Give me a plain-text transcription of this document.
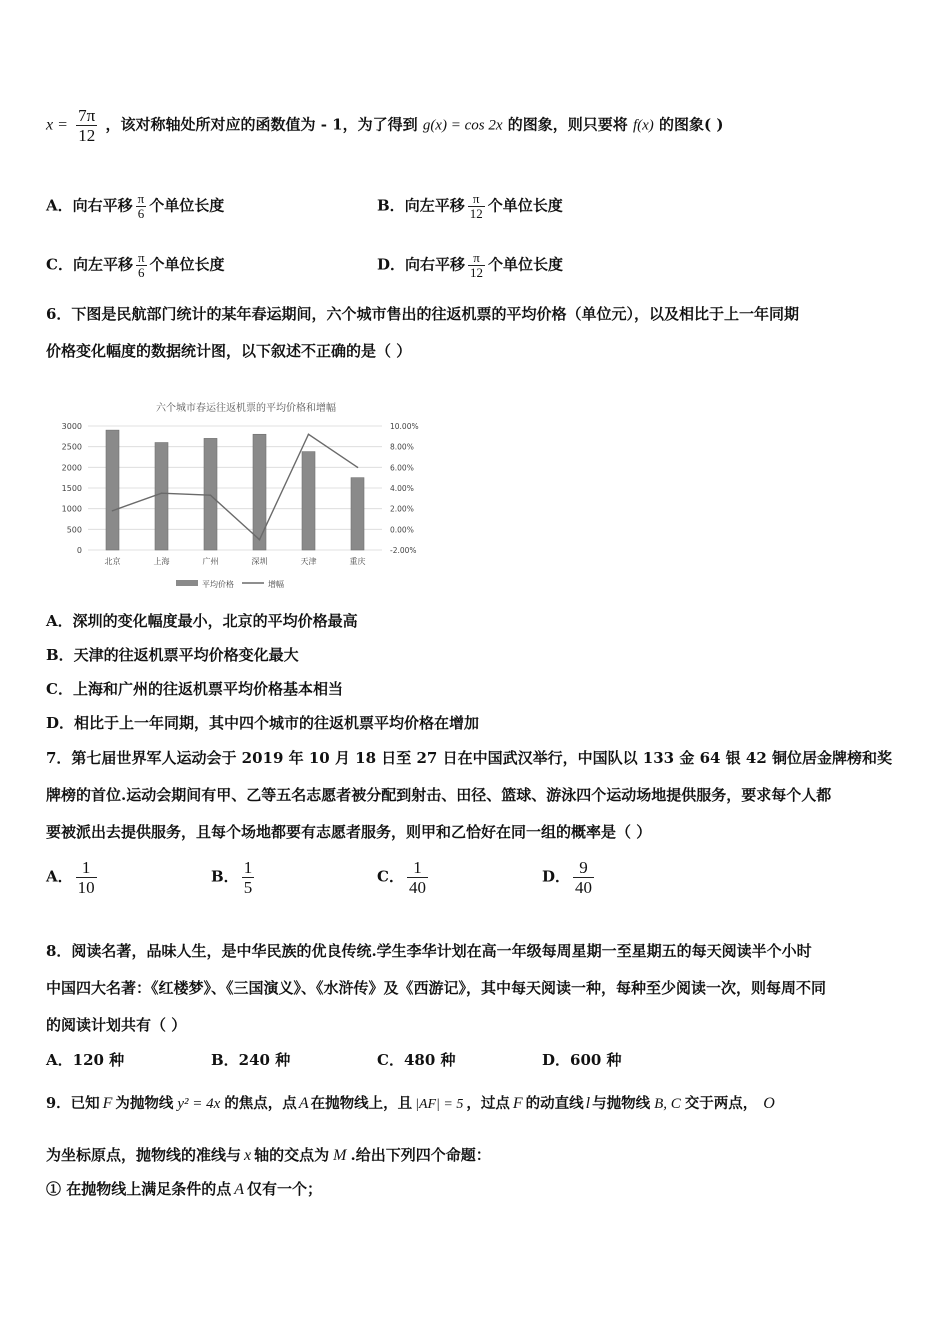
$x = \frac{7\pi}{12}$ ，该对称轴处所对应的函数值为 - 1，为了得到 g(x) = cos 2x 的图象，则只要将 f(x) 的图象( )
A．向右平移 $\frac{\pi}{6}$ 个单位长度	B．向左平移 $\frac{\pi}{12}$ 个单位长度
C．向左平移 $\frac{\pi}{6}$ 个单位长度	D．向右平移 $\frac{\pi}{12}$ 个单位长度
6．下图是民航部门统计的某年春运期间，六个城市售出的往返机票的平均价格（单位元），以及相比于上一年同期
价格变化幅度的数据统计图，以下叙述不正确的是（ ）
六个城市春运往返机票的平均价格和增幅
0
500
1000
1500
2000
2500
3000
-2.00%
0.00%
2.00%
4.00%
6.00%
8.00%
10.00%
北京	上海	广州	深圳	天津	重庆
平均价格	增幅
A．深圳的变化幅度最小，北京的平均价格最高
B．天津的往返机票平均价格变化最大
C．上海和广州的往返机票平均价格基本相当
D．相比于上一年同期，其中四个城市的往返机票平均价格在增加
7．第七届世界军人运动会于 2019 年 10 月 18 日至 27 日在中国武汉举行，中国队以 133 金 64 银 42 铜位居金牌榜和奖
牌榜的首位.运动会期间有甲、乙等五名志愿者被分配到射击、田径、篮球、游泳四个运动场地提供服务，要求每个人都
要被派出去提供服务，且每个场地都要有志愿者服务，则甲和乙恰好在同一组的概率是（ ）
A． $\frac{1}{10}$	B． $\frac{1}{5}$	C． $\frac{1}{40}$	D． $\frac{9}{40}$
8．阅读名著，品味人生，是中华民族的优良传统.学生李华计划在高一年级每周星期一至星期五的每天阅读半个小时
中国四大名著：《红楼梦》、《三国演义》、《水浒传》及《西游记》，其中每天阅读一种，每种至少阅读一次，则每周不同
的阅读计划共有（ ）
A．120 种	B．240 种	C．480 种	D．600 种
9．已知 F 为抛物线 y² = 4x 的焦点，点 A 在抛物线上，且 |AF| = 5 ，过点 F 的动直线 l 与抛物线 B, C 交于两点， O
为坐标原点，抛物线的准线与 x 轴的交点为 M .给出下列四个命题：
① 在抛物线上满足条件的点 A 仅有一个；
